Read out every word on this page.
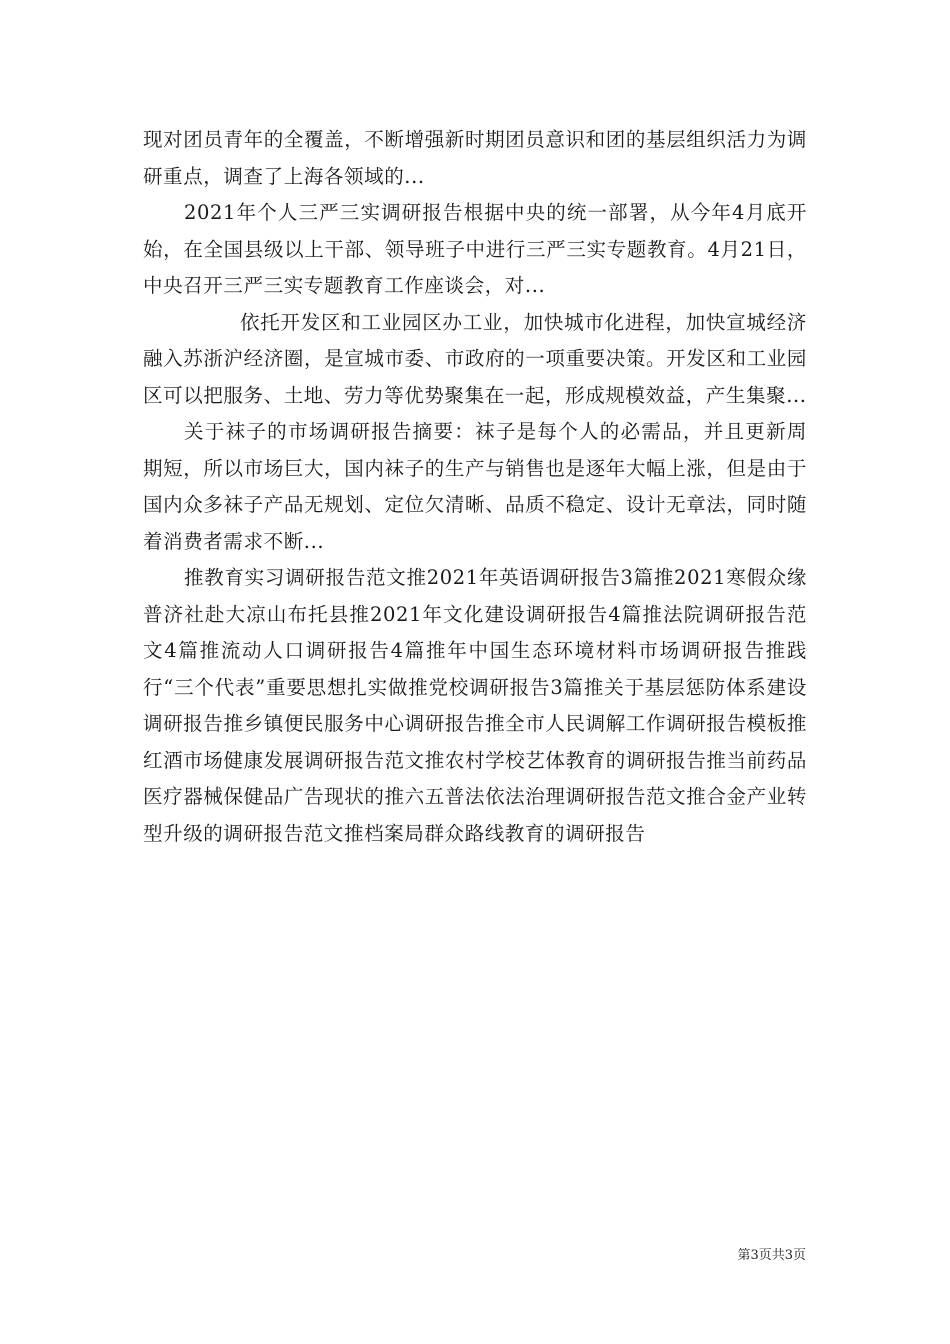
现对团员青年的全覆盖，不断增强新时期团员意识和团的基层组织活力为调研重点，调查了上海各领域的...

2021年个人三严三实调研报告根据中央的统一部署，从今年4月底开始，在全国县级以上干部、领导班子中进行三严三实专题教育。4月21日，中央召开三严三实专题教育工作座谈会，对...

依托开发区和工业园区办工业，加快城市化进程，加快宣城经济融入苏浙沪经济圈，是宣城市委、市政府的一项重要决策。开发区和工业园区可以把服务、土地、劳力等优势聚集在一起，形成规模效益，产生集聚...

关于袜子的市场调研报告摘要：袜子是每个人的必需品，并且更新周期短，所以市场巨大，国内袜子的生产与销售也是逐年大幅上涨，但是由于国内众多袜子产品无规划、定位欠清晰、品质不稳定、设计无章法，同时随着消费者需求不断...

推教育实习调研报告范文推2021年英语调研报告3篇推2021寒假众缘普济社赴大凉山布托县推2021年文化建设调研报告4篇推法院调研报告范文4篇推流动人口调研报告4篇推年中国生态环境材料市场调研报告推践行“三个代表”重要思想扎实做推党校调研报告3篇推关于基层惩防体系建设调研报告推乡镇便民服务中心调研报告推全市人民调解工作调研报告模板推红酒市场健康发展调研报告范文推农村学校艺体教育的调研报告推当前药品医疗器械保健品广告现状的推六五普法依法治理调研报告范文推合金产业转型升级的调研报告范文推档案局群众路线教育的调研报告

第3页共3页
